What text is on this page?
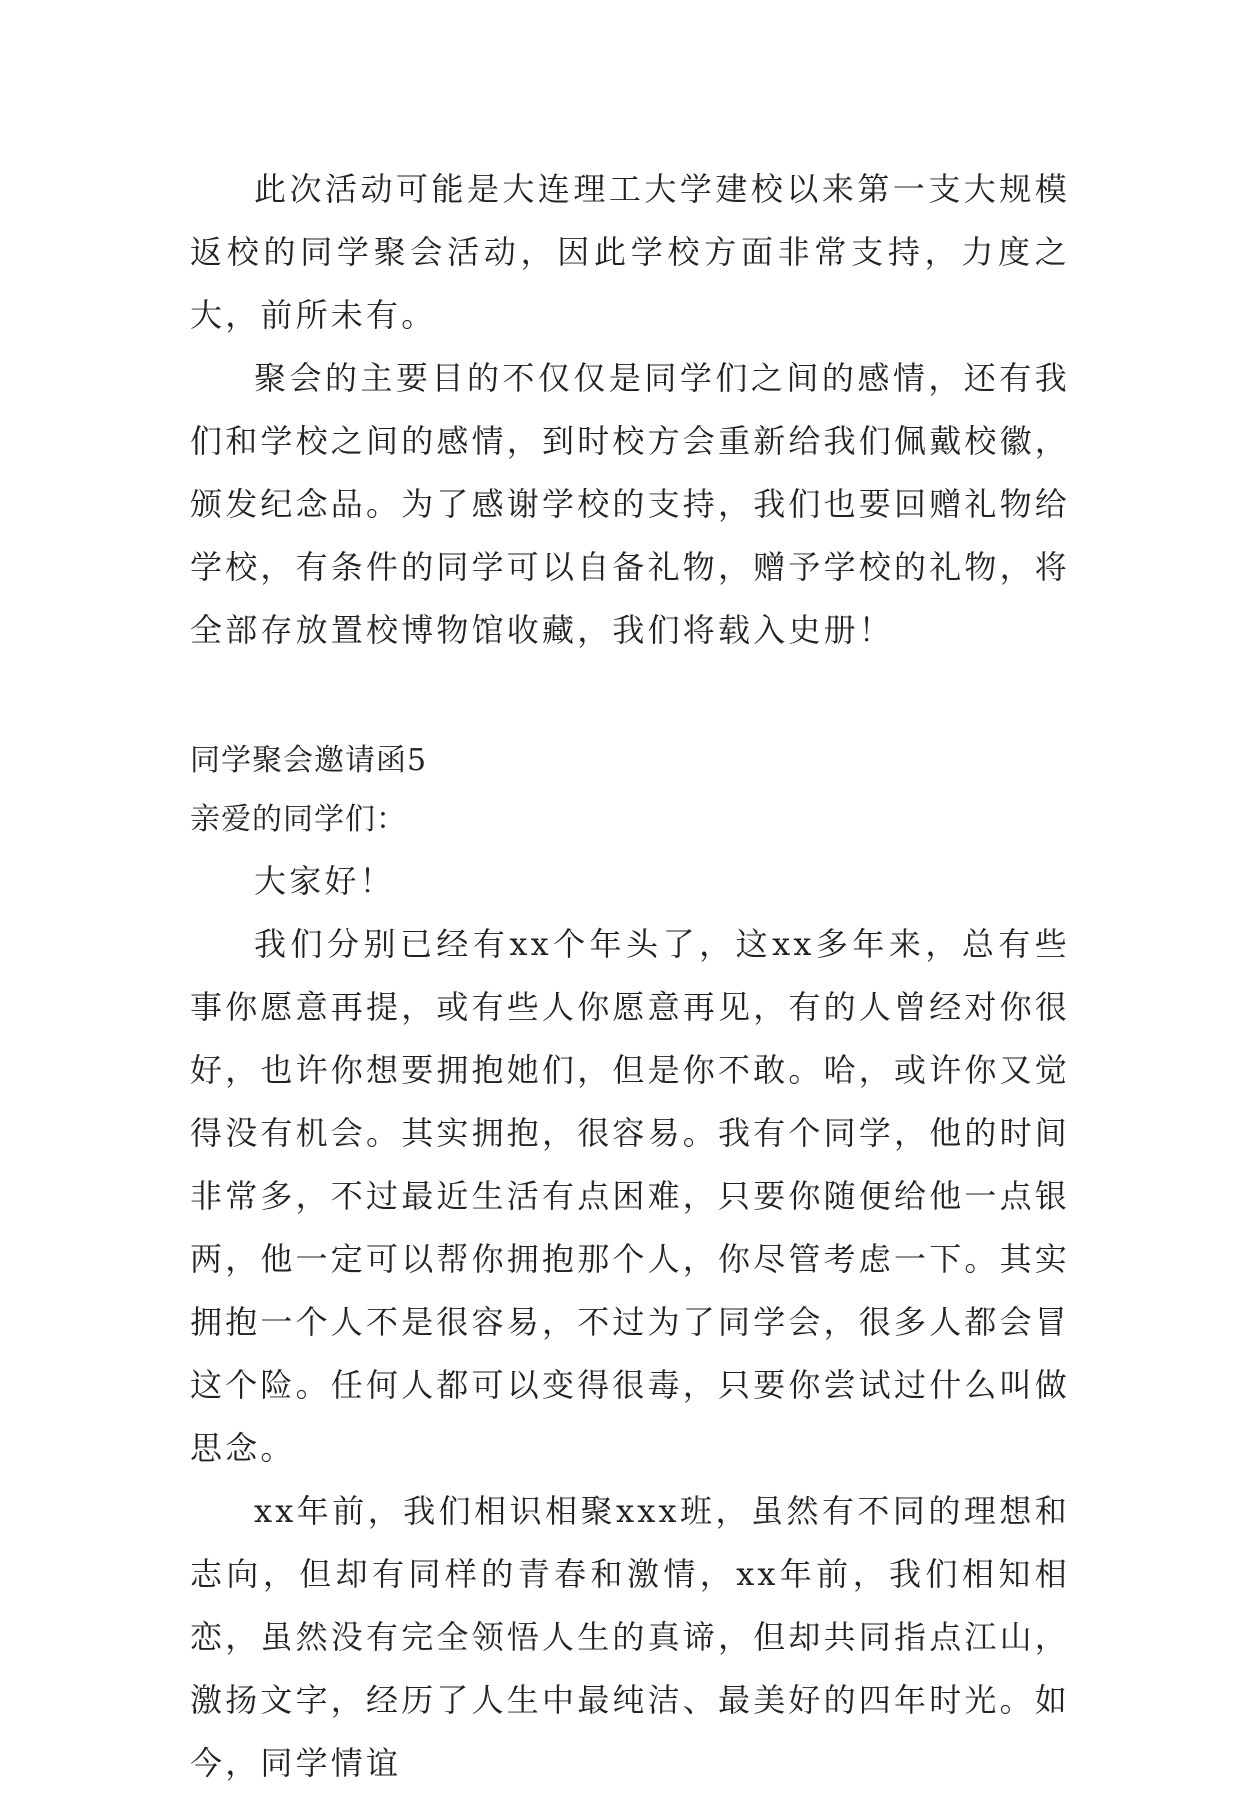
此次活动可能是大连理工大学建校以来第一支大规模返校的同学聚会活动，因此学校方面非常支持，力度之大，前所未有。

聚会的主要目的不仅仅是同学们之间的感情，还有我们和学校之间的感情，到时校方会重新给我们佩戴校徽，颁发纪念品。为了感谢学校的支持，我们也要回赠礼物给学校，有条件的同学可以自备礼物，赠予学校的礼物，将全部存放置校博物馆收藏，我们将载入史册！

同学聚会邀请函5

亲爱的同学们：

大家好！

我们分别已经有xx个年头了，这xx多年来，总有些事你愿意再提，或有些人你愿意再见，有的人曾经对你很好，也许你想要拥抱她们，但是你不敢。哈，或许你又觉得没有机会。其实拥抱，很容易。我有个同学，他的时间非常多，不过最近生活有点困难，只要你随便给他一点银两，他一定可以帮你拥抱那个人，你尽管考虑一下。其实拥抱一个人不是很容易，不过为了同学会，很多人都会冒这个险。任何人都可以变得很毒，只要你尝试过什么叫做思念。

xx年前，我们相识相聚xxx班，虽然有不同的理想和志向，但却有同样的青春和激情，xx年前，我们相知相恋，虽然没有完全领悟人生的真谛，但却共同指点江山，激扬文字，经历了人生中最纯洁、最美好的四年时光。如今，同学情谊
